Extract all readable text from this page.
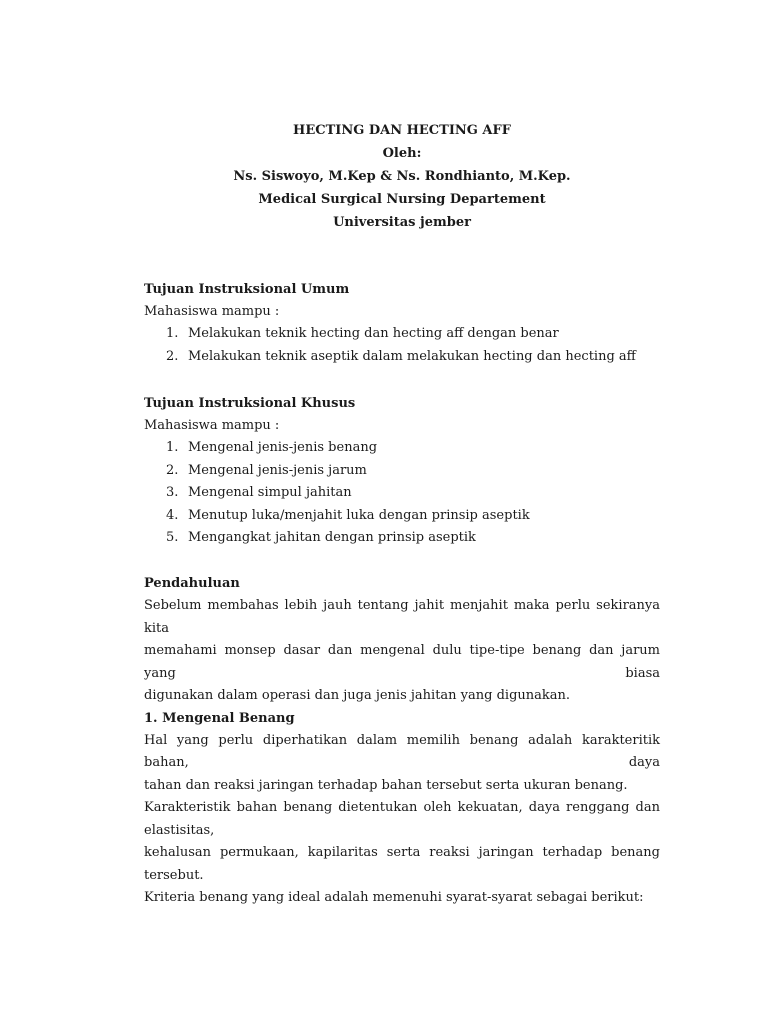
HECTING DAN HECTING AFF
Oleh:
Ns. Siswoyo, M.Kep & Ns. Rondhianto, M.Kep.
Medical Surgical Nursing Departement
Universitas jember
Tujuan Instruksional Umum
Mahasiswa mampu :
1. Melakukan teknik hecting dan hecting aff dengan benar
2. Melakukan teknik aseptik dalam melakukan hecting dan hecting aff
Tujuan Instruksional Khusus
Mahasiswa mampu :
1. Mengenal jenis-jenis benang
2. Mengenal jenis-jenis jarum
3. Mengenal simpul jahitan
4. Menutup luka/menjahit luka dengan prinsip aseptik
5. Mengangkat jahitan dengan prinsip aseptik
Pendahuluan

Sebelum membahas lebih jauh tentang jahit menjahit maka perlu sekiranya kita

memahami monsep dasar dan mengenal dulu tipe-tipe benang dan jarum yang biasa

digunakan dalam operasi dan juga jenis jahitan yang digunakan.

1. Mengenal Benang

Hal yang perlu diperhatikan dalam memilih benang adalah karakteritik bahan, daya

tahan dan reaksi jaringan terhadap bahan tersebut serta ukuran benang.

Karakteristik bahan benang dietentukan oleh kekuatan, daya renggang dan elastisitas,

kehalusan permukaan, kapilaritas serta reaksi jaringan terhadap benang tersebut.

Kriteria benang yang ideal adalah memenuhi syarat-syarat sebagai berikut:
